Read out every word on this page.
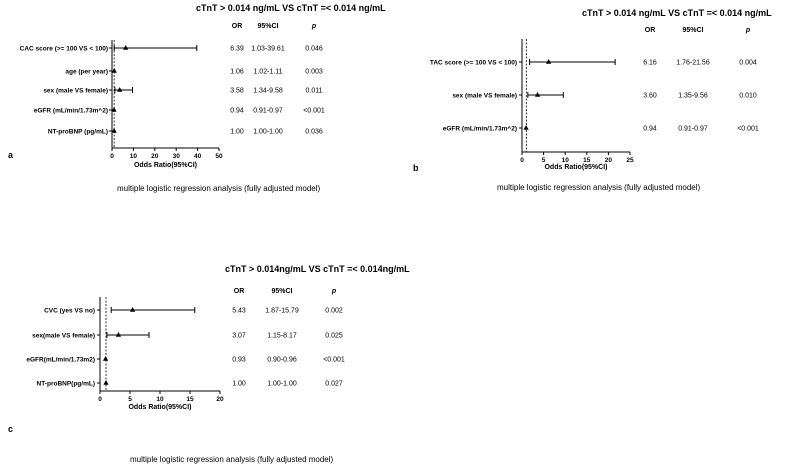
cTnT > 0.014 ng/mL VS cTnT =< 0.014 ng/mL
0 10 20 30 40 50
Odds Ratio(95%CI)
OR 95%CI	p
CAC score (>= 100 VS < 100)	6.39 1.03-39.61	0.046
age (per year)	1.06 1.02-1.11	0.003
sex (male VS female)	3.58 1.34-9.58	0.011
eGFR (mL/min/1.73m^2)	0.94 0.91-0.97	<0.001
NT-proBNP (pg/mL)	1.00 1.00-1.00	0.036
multiple logistic regression analysis (fully adjusted model)
a
cTnT > 0.014 ng/mL VS cTnT =< 0.014 ng/mL
0	5 10 15 20 25
Odds Ratio(95%CI)
OR	95%CI	p
TAC score (>= 100 VS < 100)	6.16	1.76-21.56	0.004
sex (male VS female)	3.60	1.35-9.56	0.010
eGFR (mL/min/1.73m^2)	0.94	0.91-0.97	<0.001
multiple logistic regression analysis (fully adjusted model)
b
cTnT > 0.014ng/mL VS cTnT =< 0.014ng/mL
0	5	10	15	20
Odds Ratio(95%CI)
OR	95%CI	p
CVC (yes VS no)	5.43	1.87-15.79	0.002
sex(male VS female)	3.07	1.15-8.17	0.025
eGFR(mL/min/1.73m2)	0.93	0.90-0.96	<0.001
NT-proBNP(pg/mL)	1.00	1.00-1.00	0.027
multiple logistic regression analysis (fully adjusted model)
c
